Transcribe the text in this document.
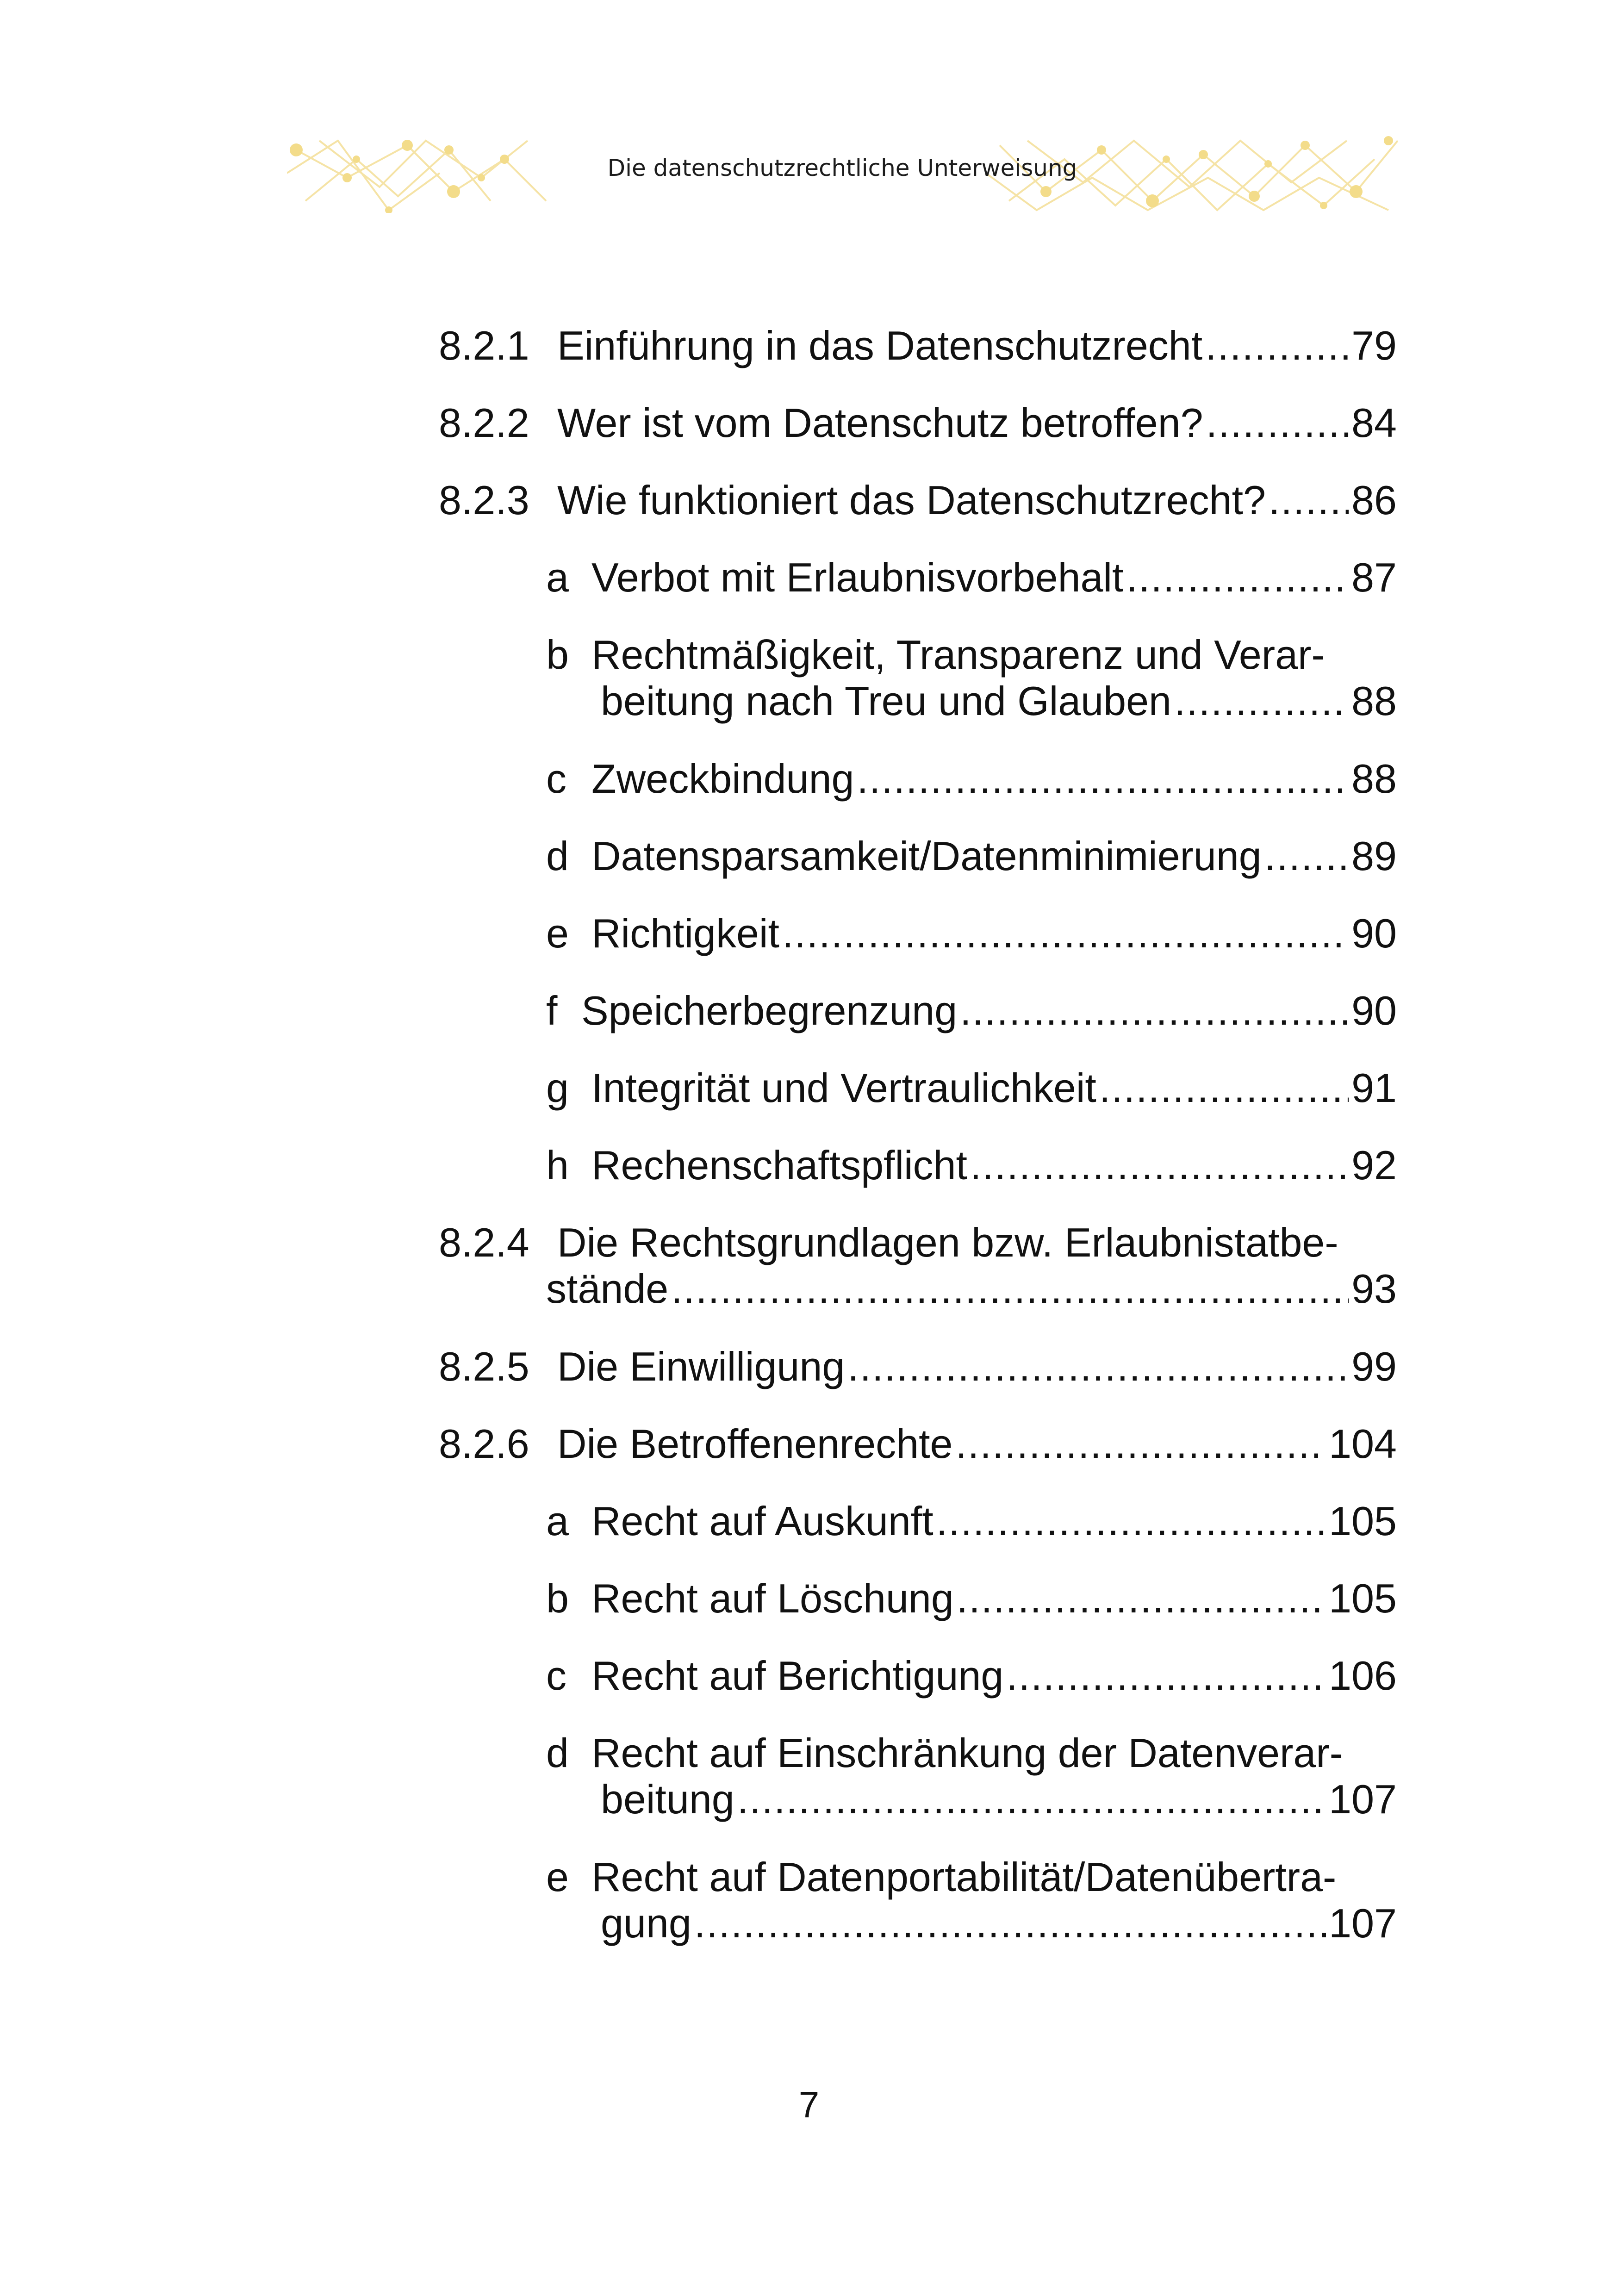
Die datenschutzrechtliche Unterweisung
8.2.1 Einführung in das Datenschutzrecht .....	79
8.2.2 Wer ist vom Datenschutz betroffen? .....	84
8.2.3 Wie funktioniert das Datenschutzrecht? ..... 86
a Verbot mit Erlaubnisvorbehalt .....	87
b Rechtmäßigkeit, Transparenz und Verar-
beitung nach Treu und Glauben .....	88
c Zweckbindung .....	88
d Datensparsamkeit/Datenminimierung ..... 89
e Richtigkeit .....	90
f Speicherbegrenzung .....	90
g Integrität und Vertraulichkeit .....	91
h Rechenschaftspflicht .....	92
8.2.4 Die Rechtsgrundlagen bzw. Erlaubnistatbe-
stände .....	93
8.2.5 Die Einwilligung .....	99
8.2.6 Die Betroffenenrechte .....	104
a Recht auf Auskunft .....	105
b Recht auf Löschung .....	105
c Recht auf Berichtigung .....	106
d Recht auf Einschränkung der Datenverar-
beitung .....	107
e Recht auf Datenportabilität/Datenübertra-
gung .....	107
7
